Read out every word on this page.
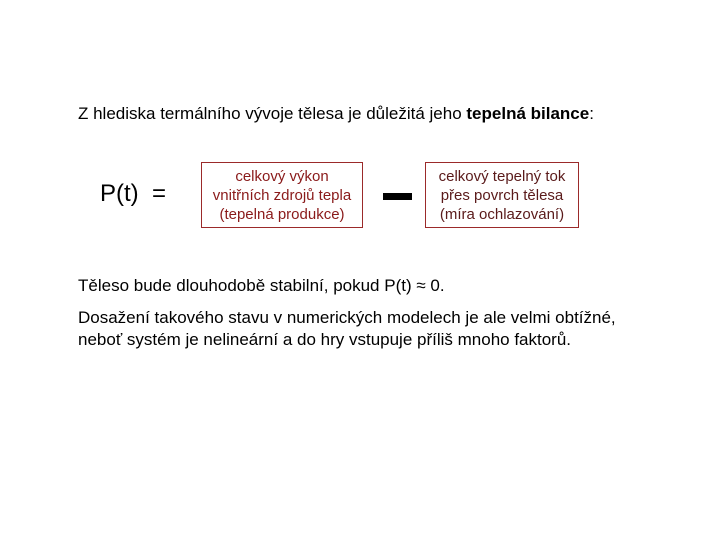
Z hlediska termálního vývoje tělesa je důležitá jeho tepelná bilance:
P(t)  =
celkový výkon
vnitřních zdrojů tepla
(tepelná produkce)
celkový tepelný tok
přes povrch tělesa
(míra ochlazování)
Těleso bude dlouhodobě stabilní, pokud P(t) ≈ 0.
Dosažení takového stavu v numerických modelech je ale velmi obtížné,
neboť systém je nelineární a do hry vstupuje příliš mnoho faktorů.
